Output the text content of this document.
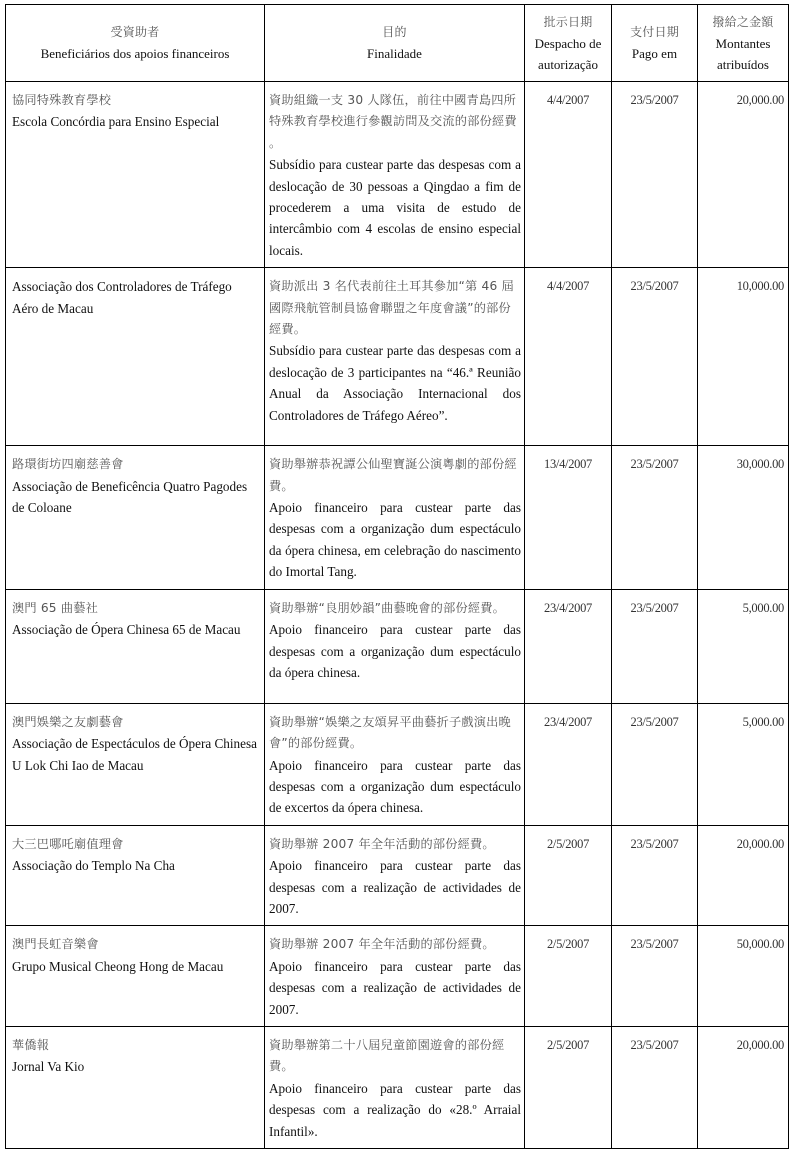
受資助者
Beneficiários dos apoios financeiros	目的
Finalidade	批示日期
Despacho de autorização	支付日期
Pago em	撥給之金額
Montantes atribuídos

協同特殊教育學校
Escola Concórdia para Ensino Especial	資助組織一支 30 人隊伍，前往中國青島四所特殊教育學校進行參觀訪問及交流的部份經費 。
Subsídio para custear parte das despesas com a deslocação de 30 pessoas a Qingdao a fim de procederem a uma visita de estudo de intercâmbio com 4 escolas de ensino especial locais.	4/4/2007	23/5/2007	20,000.00

Associação dos Controladores de Tráfego Aéro de Macau	資助派出 3 名代表前往土耳其參加“第 46 屆國際飛航管制員協會聯盟之年度會議”的部份經費。
Subsídio para custear parte das despesas com a deslocação de 3 participantes na “46.ª Reunião Anual da Associação Internacional dos Controladores de Tráfego Aéreo”.	4/4/2007	23/5/2007	10,000.00

路環街坊四廟慈善會
Associação de Beneficência Quatro Pagodes de Coloane	資助舉辦恭祝譚公仙聖寶誕公演粵劇的部份經費。
Apoio financeiro para custear parte das despesas com a organização dum espectáculo da ópera chinesa, em celebração do nascimento do Imortal Tang.	13/4/2007	23/5/2007	30,000.00

澳門 65 曲藝社
Associação de Ópera Chinesa 65 de Macau	資助舉辦“良朋妙韻”曲藝晚會的部份經費。
Apoio financeiro para custear parte das despesas com a organização dum espectáculo da ópera chinesa.	23/4/2007	23/5/2007	5,000.00

澳門娛樂之友劇藝會
Associação de Espectáculos de Ópera Chinesa U Lok Chi Iao de Macau	資助舉辦“娛樂之友頌昇平曲藝折子戲演出晚會”的部份經費。
Apoio financeiro para custear parte das despesas com a organização dum espectáculo de excertos da ópera chinesa.	23/4/2007	23/5/2007	5,000.00

大三巴哪吒廟值理會
Associação do Templo Na Cha	資助舉辦 2007 年全年活動的部份經費。
Apoio financeiro para custear parte das despesas com a realização de actividades de 2007.	2/5/2007	23/5/2007	20,000.00

澳門長虹音樂會
Grupo Musical Cheong Hong de Macau	資助舉辦 2007 年全年活動的部份經費。
Apoio financeiro para custear parte das despesas com a realização de actividades de 2007.	2/5/2007	23/5/2007	50,000.00

華僑報
Jornal Va Kio	資助舉辦第二十八屆兒童節園遊會的部份經費。
Apoio financeiro para custear parte das despesas com a realização do «28.º Arraial Infantil».	2/5/2007	23/5/2007	20,000.00
